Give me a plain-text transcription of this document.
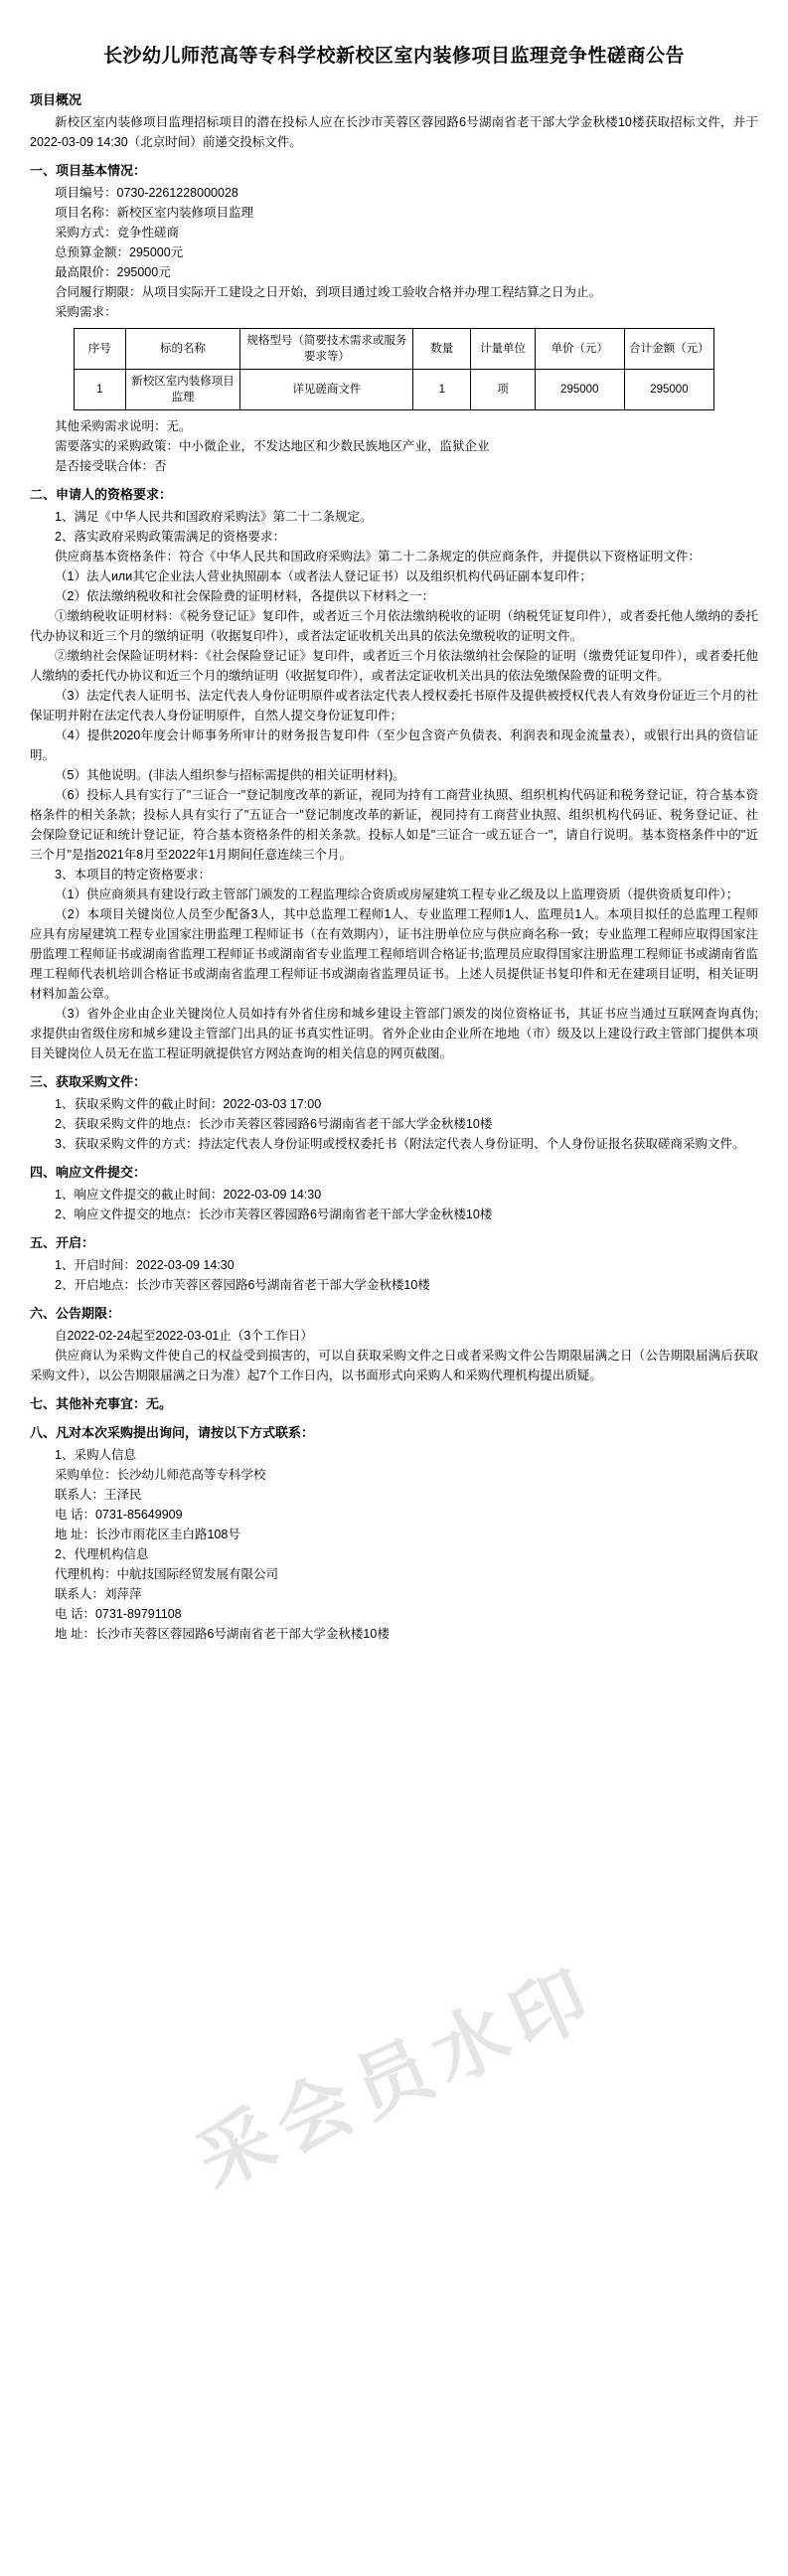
长沙幼儿师范高等专科学校新校区室内装修项目监理竞争性磋商公告
项目概况

新校区室内装修项目监理招标项目的潜在投标人应在长沙市芙蓉区蓉园路6号湖南省老干部大学金秋楼10楼获取招标文件，并于2022-03-09 14:30（北京时间）前递交投标文件。

一、项目基本情况：

项目编号：0730-2261228000028

项目名称：新校区室内装修项目监理

采购方式：竞争性磋商

总预算金额：295000元

最高限价：295000元

合同履行期限：从项目实际开工建设之日开始，到项目通过竣工验收合格并办理工程结算之日为止。

采购需求：

序号	标的名称	规格型号（简要技术需求或服务要求等）	数量	计量单位	单价（元）	合计金额（元）
1	新校区室内装修项目监理	详见磋商文件	1	项	295000	295000

其他采购需求说明：无。

需要落实的采购政策：中小微企业，不发达地区和少数民族地区产业，监狱企业

是否接受联合体：否

二、申请人的资格要求：

1、满足《中华人民共和国政府采购法》第二十二条规定。

2、落实政府采购政策需满足的资格要求：

供应商基本资格条件：符合《中华人民共和国政府采购法》第二十二条规定的供应商条件，并提供以下资格证明文件：

（1）法人или其它企业法人营业执照副本（或者法人登记证书）以及组织机构代码证副本复印件；

（2）依法缴纳税收和社会保险费的证明材料，各提供以下材料之一：

①缴纳税收证明材料：《税务登记证》复印件，或者近三个月依法缴纳税收的证明（纳税凭证复印件），或者委托他人缴纳的委托代办协议和近三个月的缴纳证明（收据复印件），或者法定证收机关出具的依法免缴税收的证明文件。

②缴纳社会保险证明材料：《社会保险登记证》复印件，或者近三个月依法缴纳社会保险的证明（缴费凭证复印件），或者委托他人缴纳的委托代办协议和近三个月的缴纳证明（收据复印件），或者法定证收机关出具的依法免缴保险费的证明文件。

（3）法定代表人证明书、法定代表人身份证明原件或者法定代表人授权委托书原件及提供被授权代表人有效身份证近三个月的社保证明并附在法定代表人身份证明原件，自然人提交身份证复印件；

（4）提供2020年度会计师事务所审计的财务报告复印件（至少包含资产负债表、利润表和现金流量表），或银行出具的资信证明。

（5）其他说明。(非法人组织参与招标需提供的相关证明材料)。

（6）投标人具有实行了"三证合一"登记制度改革的新证，视同为持有工商营业执照、组织机构代码证和税务登记证，符合基本资格条件的相关条款；投标人具有实行了"五证合一"登记制度改革的新证，视同持有工商营业执照、组织机构代码证、税务登记证、社会保险登记证和统计登记证，符合基本资格条件的相关条款。投标人如是"三证合一或五证合一"，请自行说明。基本资格条件中的"近三个月"是指2021年8月至2022年1月期间任意连续三个月。

3、本项目的特定资格要求：

（1）供应商须具有建设行政主管部门颁发的工程监理综合资质或房屋建筑工程专业乙级及以上监理资质（提供资质复印件）；

（2）本项目关键岗位人员至少配备3人，其中总监理工程师1人、专业监理工程师1人、监理员1人。本项目拟任的总监理工程师应具有房屋建筑工程专业国家注册监理工程师证书（在有效期内），证书注册单位应与供应商名称一致；专业监理工程师应取得国家注册监理工程师证书或湖南省监理工程师证书或湖南省专业监理工程师培训合格证书;监理员应取得国家注册监理工程师证书或湖南省监理工程师代表机培训合格证书或湖南省监理工程师证书或湖南省监理员证书。上述人员提供证书复印件和无在建项目证明，相关证明材料加盖公章。

（3）省外企业由企业关键岗位人员如持有外省住房和城乡建设主管部门颁发的岗位资格证书，其证书应当通过互联网查询真伪;求提供由省级住房和城乡建设主管部门出具的证书真实性证明。省外企业由企业所在地地（市）级及以上建设行政主管部门提供本项目关键岗位人员无在监工程证明就提供官方网站查询的相关信息的网页截图。

三、获取采购文件：

1、获取采购文件的截止时间：2022-03-03 17:00

2、获取采购文件的地点：长沙市芙蓉区蓉园路6号湖南省老干部大学金秋楼10楼

3、获取采购文件的方式：持法定代表人身份证明或授权委托书（附法定代表人身份证明、个人身份证报名获取磋商采购文件。

四、响应文件提交：

1、响应文件提交的截止时间：2022-03-09 14:30

2、响应文件提交的地点：长沙市芙蓉区蓉园路6号湖南省老干部大学金秋楼10楼

五、开启：

1、开启时间：2022-03-09 14:30

2、开启地点：长沙市芙蓉区蓉园路6号湖南省老干部大学金秋楼10楼

六、公告期限：

自2022-02-24起至2022-03-01止（3个工作日）

供应商认为采购文件使自己的权益受到损害的，可以自获取采购文件之日或者采购文件公告期限届满之日（公告期限届满后获取采购文件），以公告期限届满之日为准）起7个工作日内，以书面形式向采购人和采购代理机构提出质疑。

七、其他补充事宜：无。
八、凡对本次采购提出询问，请按以下方式联系：

1、采购人信息

采购单位：长沙幼儿师范高等专科学校

联系人：王泽民

电 话：0731-85649909

地 址：长沙市雨花区圭白路108号

2、代理机构信息

代理机构：中航技国际经贸发展有限公司

联系人：刘萍萍

电 话：0731-89791108

地 址：长沙市芙蓉区蓉园路6号湖南省老干部大学金秋楼10楼

采会员水印
